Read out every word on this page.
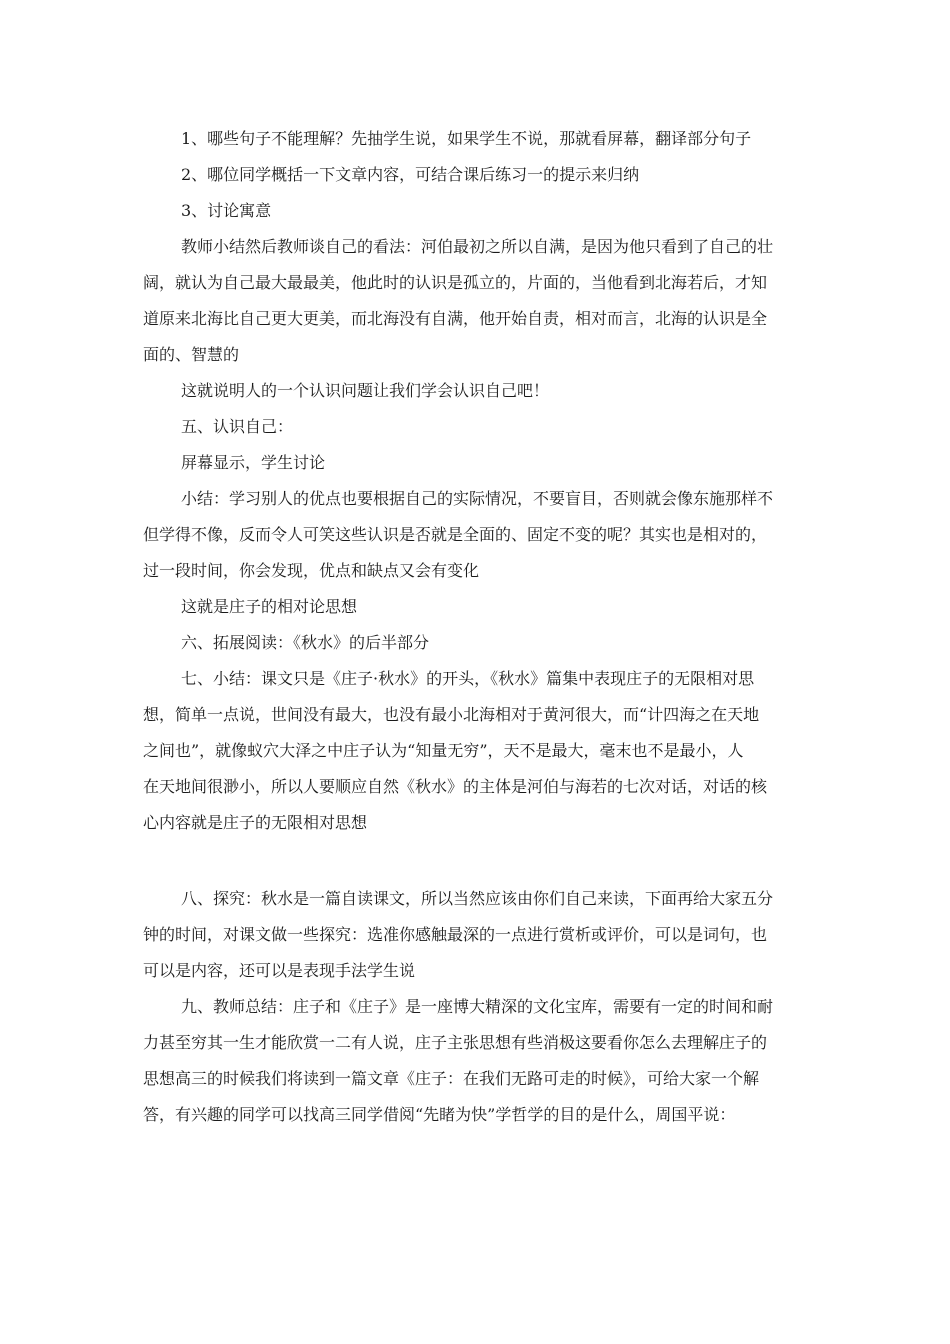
1、哪些句子不能理解？先抽学生说，如果学生不说，那就看屏幕，翻译部分句子
2、哪位同学概括一下文章内容，可结合课后练习一的提示来归纳
3、讨论寓意
教师小结然后教师谈自己的看法：河伯最初之所以自满，是因为他只看到了自己的壮
阔，就认为自己最大最最美，他此时的认识是孤立的，片面的，当他看到北海若后，才知
道原来北海比自己更大更美，而北海没有自满，他开始自责，相对而言，北海的认识是全
面的、智慧的
这就说明人的一个认识问题让我们学会认识自己吧！
五、认识自己：
屏幕显示，学生讨论
小结：学习别人的优点也要根据自己的实际情况，不要盲目，否则就会像东施那样不
但学得不像，反而令人可笑这些认识是否就是全面的、固定不变的呢？其实也是相对的，
过一段时间，你会发现，优点和缺点又会有变化
这就是庄子的相对论思想
六、拓展阅读：《秋水》的后半部分
七、小结：课文只是《庄子·秋水》的开头，《秋水》篇集中表现庄子的无限相对思
想，简单一点说，世间没有最大，也没有最小北海相对于黄河很大，而“计四海之在天地
之间也”，就像蚁穴大泽之中庄子认为“知量无穷”，天不是最大，毫末也不是最小，人
在天地间很渺小，所以人要顺应自然《秋水》的主体是河伯与海若的七次对话，对话的核
心内容就是庄子的无限相对思想
八、探究：秋水是一篇自读课文，所以当然应该由你们自己来读，下面再给大家五分
钟的时间，对课文做一些探究：选准你感触最深的一点进行赏析或评价，可以是词句，也
可以是内容，还可以是表现手法学生说
九、教师总结：庄子和《庄子》是一座博大精深的文化宝库，需要有一定的时间和耐
力甚至穷其一生才能欣赏一二有人说，庄子主张思想有些消极这要看你怎么去理解庄子的
思想高三的时候我们将读到一篇文章《庄子：在我们无路可走的时候》，可给大家一个解
答，有兴趣的同学可以找高三同学借阅“先睹为快”学哲学的目的是什么，周国平说：
